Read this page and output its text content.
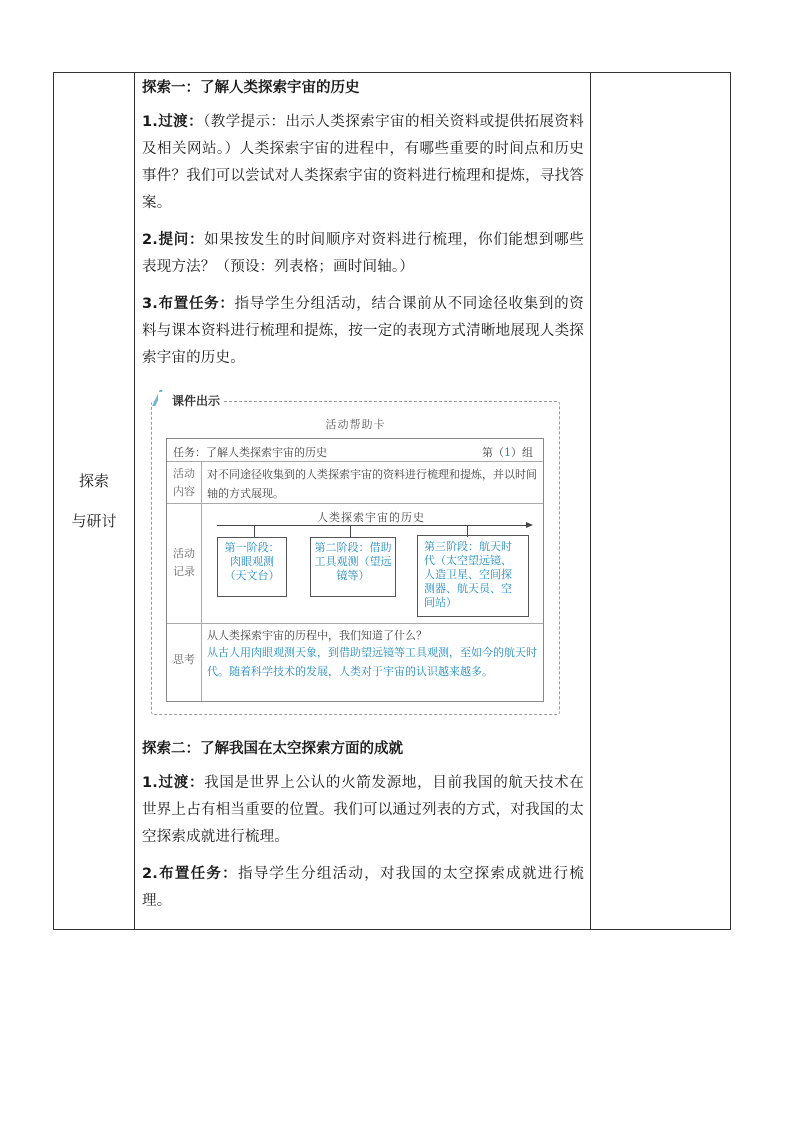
探索
与研讨
探索一：了解人类探索宇宙的历史
1.过渡：（教学提示：出示人类探索宇宙的相关资料或提供拓展资料及相关网站。）人类探索宇宙的进程中，有哪些重要的时间点和历史事件？我们可以尝试对人类探索宇宙的资料进行梳理和提炼，寻找答案。
2.提问：如果按发生的时间顺序对资料进行梳理，你们能想到哪些表现方法？（预设：列表格；画时间轴。）
3.布置任务：指导学生分组活动，结合课前从不同途径收集到的资料与课本资料进行梳理和提炼，按一定的表现方式清晰地展现人类探索宇宙的历史。
课件出示
活动帮助卡
任务：了解人类探索宇宙的历史	第（1）组
活动内容
对不同途径收集到的人类探索宇宙的资料进行梳理和提炼，并以时间轴的方式展现。
活动记录
人类探索宇宙的历史
第一阶段：肉眼观测（天文台）
第二阶段：借助工具观测（望远镜等）
第三阶段：航天时代（太空望远镜、人造卫星、空间探测器、航天员、空间站）
思考
从人类探索宇宙的历程中，我们知道了什么？
从古人用肉眼观测天象，到借助望远镜等工具观测，至如今的航天时代。随着科学技术的发展，人类对于宇宙的认识越来越多。
探索二：了解我国在太空探索方面的成就
1.过渡：我国是世界上公认的火箭发源地，目前我国的航天技术在世界上占有相当重要的位置。我们可以通过列表的方式，对我国的太空探索成就进行梳理。
2.布置任务：指导学生分组活动，对我国的太空探索成就进行梳理。
